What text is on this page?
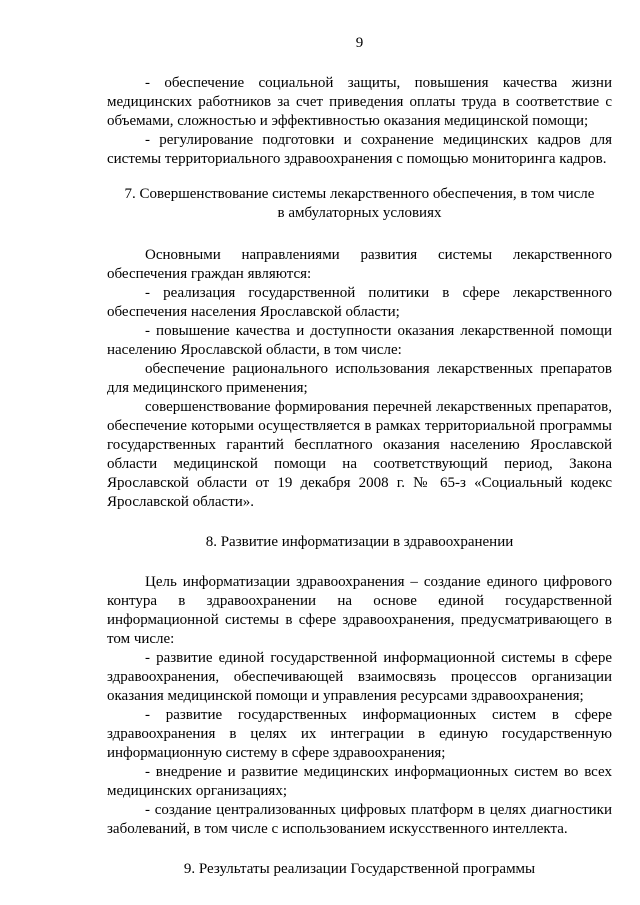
9

- обеспечение социальной защиты, повышения качества жизни медицинских работников за счет приведения оплаты труда в соответствие с объемами, сложностью и эффективностью оказания медицинской помощи;

- регулирование подготовки и сохранение медицинских кадров для системы территориального здравоохранения с помощью мониторинга кадров.

7. Совершенствование системы лекарственного обеспечения, в том числе
в амбулаторных условиях

Основными направлениями развития системы лекарственного обеспечения граждан являются:

- реализация государственной политики в сфере лекарственного обеспечения населения Ярославской области;

- повышение качества и доступности оказания лекарственной помощи населению Ярославской области, в том числе:

обеспечение рационального использования лекарственных препаратов для медицинского применения;

совершенствование формирования перечней лекарственных препаратов, обеспечение которыми осуществляется в рамках территориальной программы государственных гарантий бесплатного оказания населению Ярославской области медицинской помощи на соответствующий период, Закона Ярославской области от 19 декабря 2008 г. № 65-з «Социальный кодекс Ярославской области».

8. Развитие информатизации в здравоохранении

Цель информатизации здравоохранения – создание единого цифрового контура в здравоохранении на основе единой государственной информационной системы в сфере здравоохранения, предусматривающего в том числе:

- развитие единой государственной информационной системы в сфере здравоохранения, обеспечивающей взаимосвязь процессов организации оказания медицинской помощи и управления ресурсами здравоохранения;

- развитие государственных информационных систем в сфере здравоохранения в целях их интеграции в единую государственную информационную систему в сфере здравоохранения;

- внедрение и развитие медицинских информационных систем во всех медицинских организациях;

- создание централизованных цифровых платформ в целях диагностики заболеваний, в том числе с использованием искусственного интеллекта.

9. Результаты реализации Государственной программы
